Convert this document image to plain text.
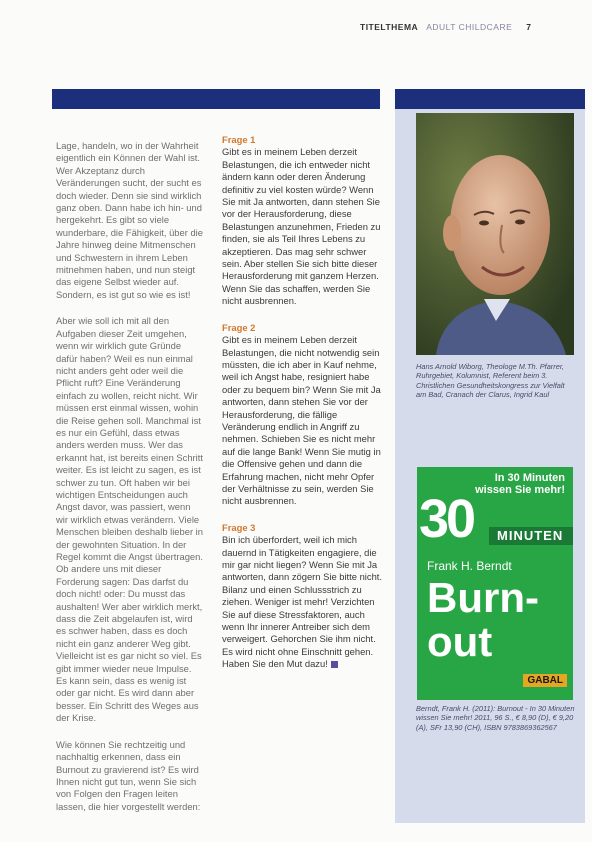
TITELTHEMA ADULT CHILDCARE 7

Lage, handeln, wo in der Wahrheit eigentlich ein Können der Wahl ist. Wer Akzeptanz durch Veränderungen sucht, der sucht es doch wieder. Denn sie sind wirklich ganz oben. Dann habe ich hin- und hergekehrt. Es gibt so viele wunderbare, die Fähigkeit, über die Jahre hinweg deine Mitmenschen und Schwestern in ihrem Leben mitnehmen haben, und nun steigt das eigene Selbst wieder auf. Sondern, es ist gut so wie es ist!

Aber wie soll ich mit all den Aufgaben dieser Zeit umgehen, wenn wir wirklich gute Gründe dafür haben? Weil es nun einmal nicht anders geht oder weil die Pflicht ruft? Eine Veränderung einfach zu wollen, reicht nicht. Wir müssen erst einmal wissen, wohin die Reise gehen soll. Manchmal ist es nur ein Gefühl, dass etwas anders werden muss. Wer das erkannt hat, ist bereits einen Schritt weiter. Es ist leicht zu sagen, es ist schwer zu tun. Oft haben wir bei wichtigen Entscheidungen auch Angst davor, was passiert, wenn wir wirklich etwas verändern. Viele Menschen bleiben deshalb lieber in der gewohnten Situation. In der Regel kommt die Angst übertragen. Ob andere uns mit dieser Forderung sagen: Das darfst du doch nicht! oder: Du musst das aushalten! Wer aber wirklich merkt, dass die Zeit abgelaufen ist, wird es schwer haben, dass es doch nicht ein ganz anderer Weg gibt. Vielleicht ist es gar nicht so viel. Es gibt immer wieder neue Impulse. Es kann sein, dass es wenig ist oder gar nicht. Es wird dann aber besser. Ein Schritt des Weges aus der Krise.

Wie können Sie rechtzeitig und nachhaltig erkennen, dass ein Burnout zu gravierend ist? Es wird Ihnen nicht gut tun, wenn Sie sich von Folgen den Fragen leiten lassen, die hier vorgestellt werden:

Frage 1
Gibt es in meinem Leben derzeit Belastungen, die ich entweder nicht ändern kann oder deren Änderung definitiv zu viel kosten würde? Wenn Sie mit Ja antworten, dann stehen Sie vor der Herausforderung, diese Belastungen anzunehmen, Frieden zu finden, sie als Teil Ihres Lebens zu akzeptieren. Das mag sehr schwer sein. Aber stellen Sie sich bitte dieser Herausforderung mit ganzem Herzen. Wenn Sie das schaffen, werden Sie nicht ausbrennen.

Frage 2
Gibt es in meinem Leben derzeit Belastungen, die nicht notwendig sein müssten, die ich aber in Kauf nehme, weil ich Angst habe, resigniert habe oder zu bequem bin? Wenn Sie mit Ja antworten, dann stehen Sie vor der Herausforderung, die fällige Veränderung endlich in Angriff zu nehmen. Schieben Sie es nicht mehr auf die lange Bank! Wenn Sie mutig in die Offensive gehen und dann die Erfahrung machen, nicht mehr Opfer der Verhältnisse zu sein, werden Sie nicht ausbrennen.

Frage 3
Bin ich überfordert, weil ich mich dauernd in Tätigkeiten engagiere, die mir gar nicht liegen? Wenn Sie mit Ja antworten, dann zögern Sie bitte nicht. Bilanz und einen Schlussstrich zu ziehen. Weniger ist mehr! Verzichten Sie auf diese Stressfaktoren, auch wenn Ihr innerer Antreiber sich dem verweigert. Gehorchen Sie ihm nicht. Es wird nicht ohne Einschnitt gehen. Haben Sie den Mut dazu!

Hans Arnold Wiborg, Theologe M.Th. Pfarrer, Ruhrgebiet, Kolumnist, Referent beim 3. Christlichen Gesundheitskongress zur Vielfalt am Bad, Cranach der Clarus, Ingrid Kaul
In 30 Minuten wissen Sie mehr!
30 MINUTEN
Frank H. Berndt
Burn-
out
GABAL
Berndt, Frank H. (2011): Burnout - In 30 Minuten wissen Sie mehr! 2011, 96 S., € 8,90 (D), € 9,20 (A), SFr 13,90 (CH), ISBN 9783869362567
